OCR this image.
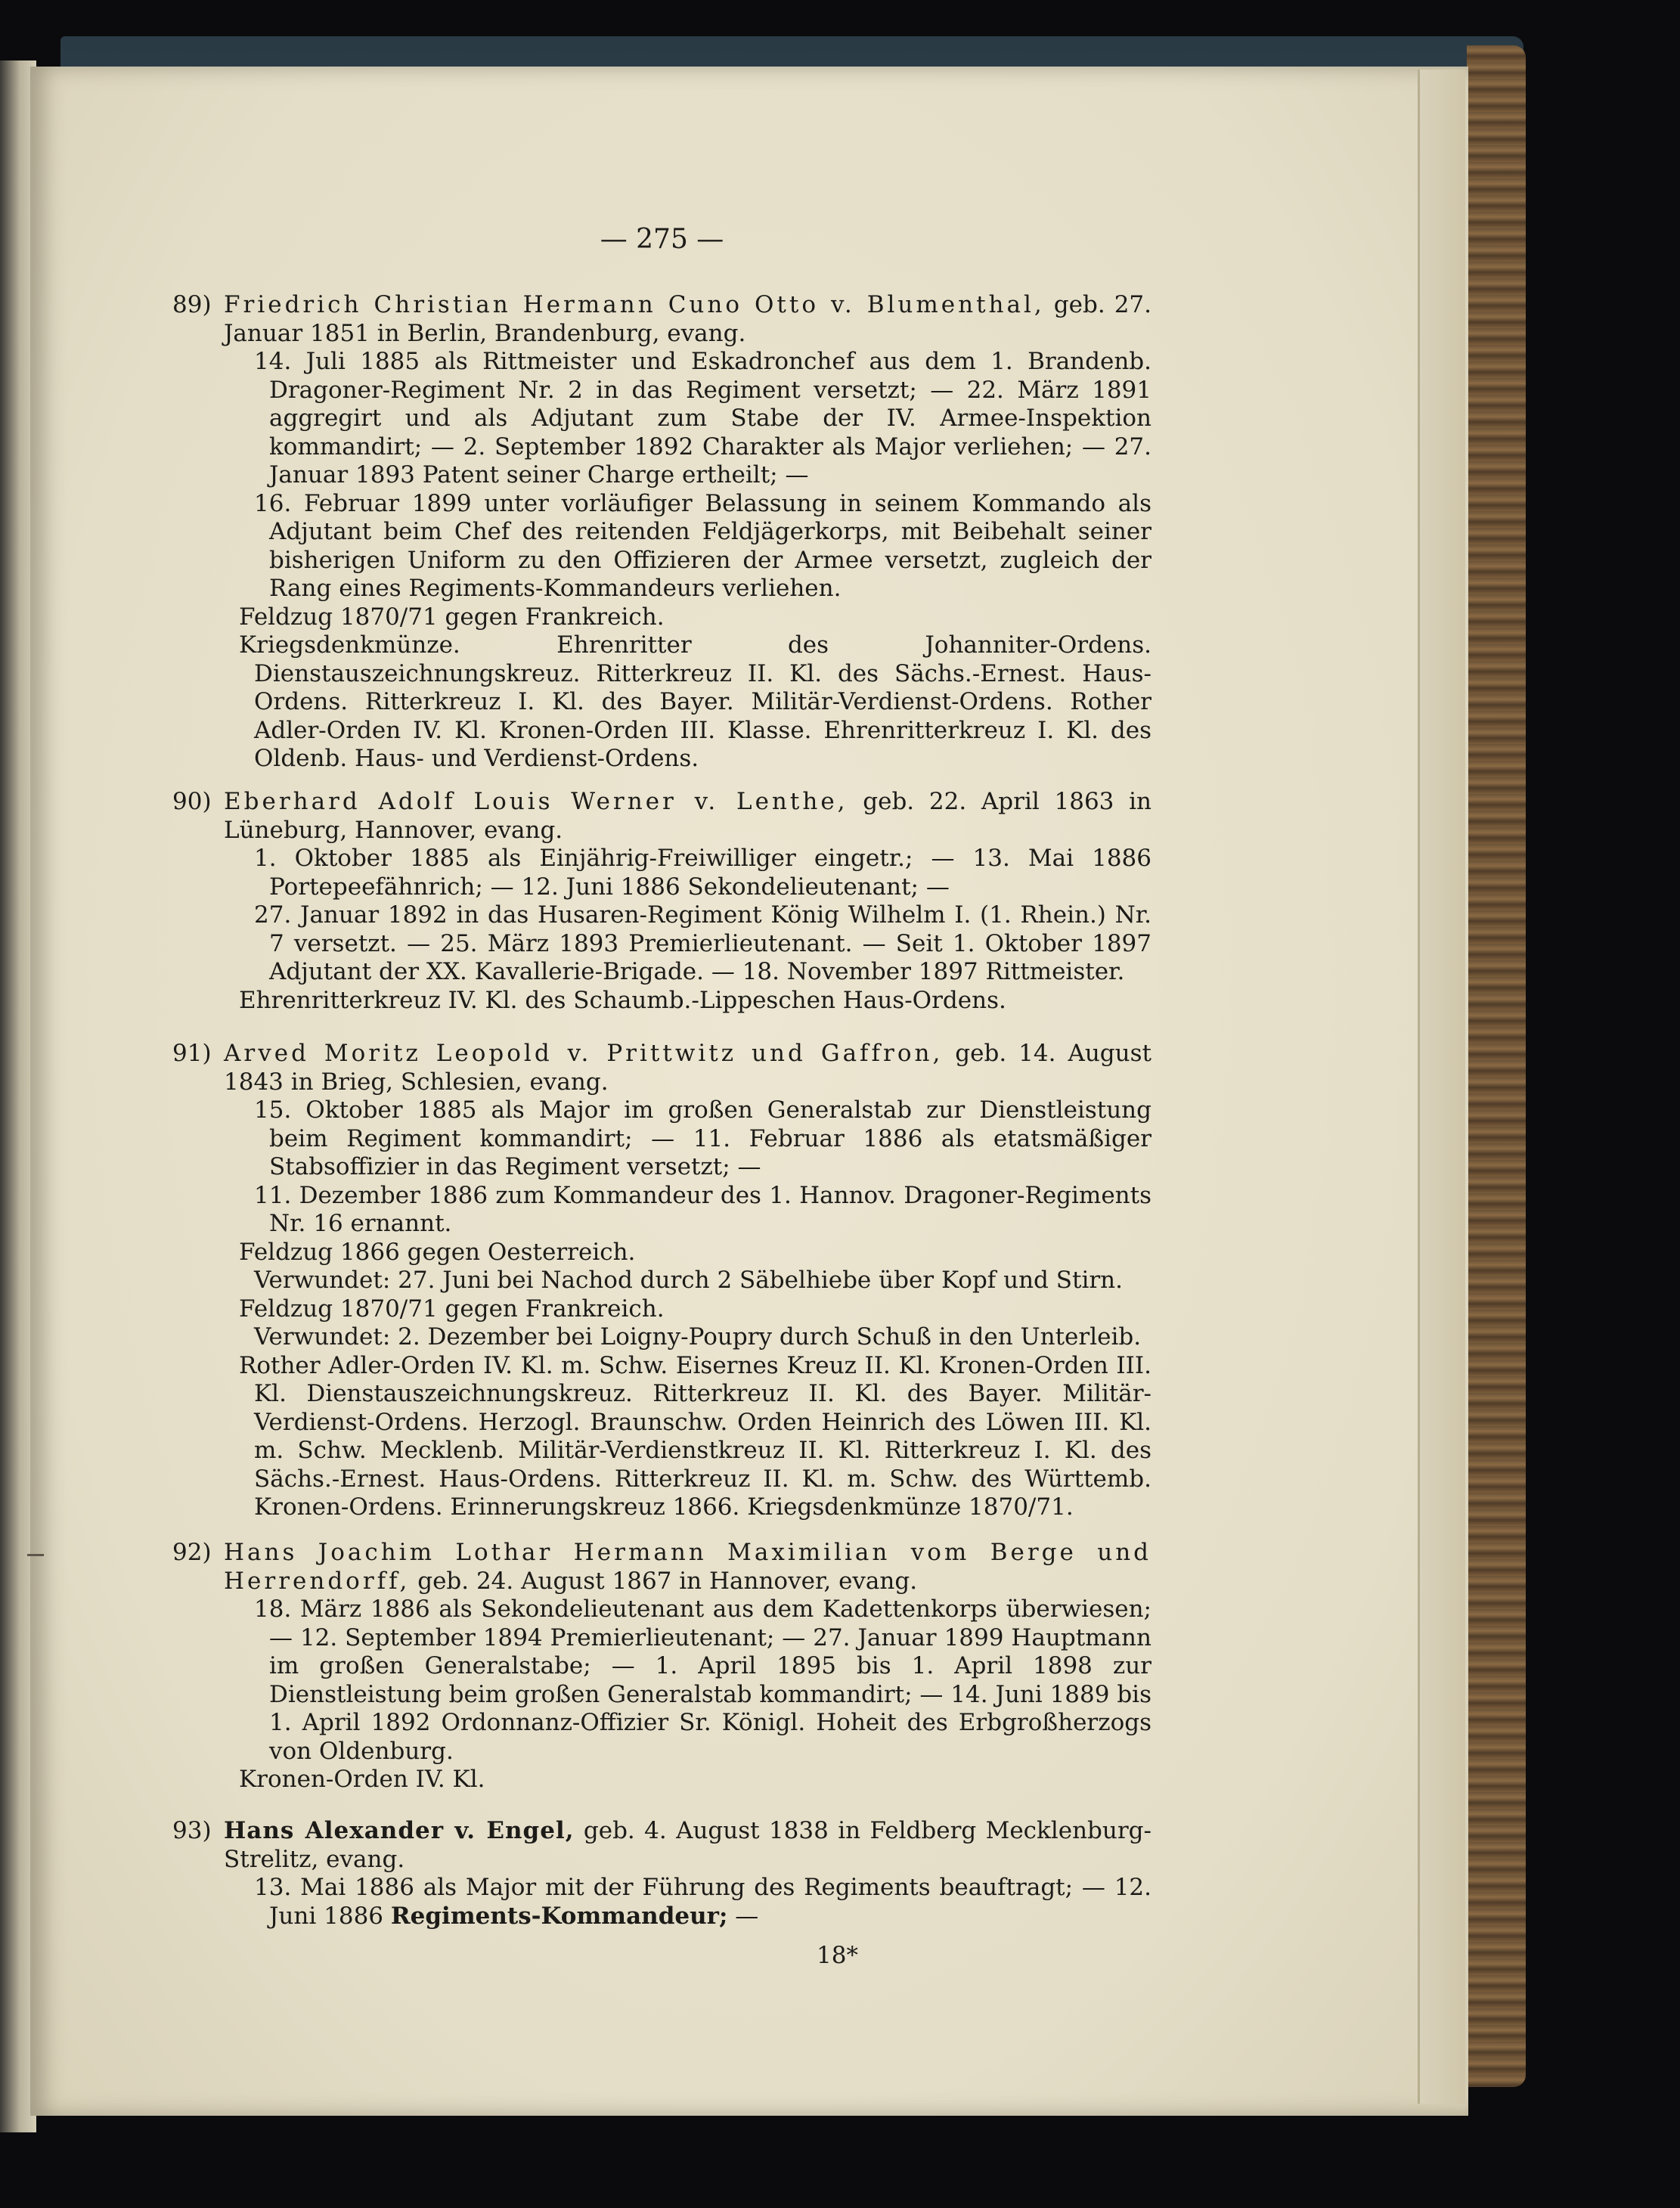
— 275 —
89) Friedrich Christian Hermann Cuno Otto v. Blumenthal, geb. 27. Januar 1851 in Berlin, Brandenburg, evang.
14. Juli 1885 als Rittmeister und Eskadronchef aus dem 1. Brandenb. Dragoner-Regiment Nr. 2 in das Regiment versetzt; — 22. März 1891 aggregirt und als Adjutant zum Stabe der IV. Armee-Inspektion kommandirt; — 2. September 1892 Charakter als Major verliehen; — 27. Januar 1893 Patent seiner Charge ertheilt; —
16. Februar 1899 unter vorläufiger Belassung in seinem Kommando als Adjutant beim Chef des reitenden Feldjägerkorps, mit Beibehalt seiner bisherigen Uniform zu den Offizieren der Armee versetzt, zugleich der Rang eines Regiments-Kommandeurs verliehen.
Feldzug 1870/71 gegen Frankreich.
Kriegsdenkmünze. Ehrenritter des Johanniter-Ordens. Dienstauszeichnungskreuz. Ritterkreuz II. Kl. des Sächs.-Ernest. Haus-Ordens. Ritterkreuz I. Kl. des Bayer. Militär-Verdienst-Ordens. Rother Adler-Orden IV. Kl. Kronen-Orden III. Klasse. Ehrenritterkreuz I. Kl. des Oldenb. Haus- und Verdienst-Ordens.
90) Eberhard Adolf Louis Werner v. Lenthe, geb. 22. April 1863 in Lüneburg, Hannover, evang.
1. Oktober 1885 als Einjährig-Freiwilliger eingetr.; — 13. Mai 1886 Portepeefähnrich; — 12. Juni 1886 Sekondelieutenant; —
27. Januar 1892 in das Husaren-Regiment König Wilhelm I. (1. Rhein.) Nr. 7 versetzt. — 25. März 1893 Premierlieutenant. — Seit 1. Oktober 1897 Adjutant der XX. Kavallerie-Brigade. — 18. November 1897 Rittmeister.
Ehrenritterkreuz IV. Kl. des Schaumb.-Lippeschen Haus-Ordens.
91) Arved Moritz Leopold v. Prittwitz und Gaffron, geb. 14. August 1843 in Brieg, Schlesien, evang.
15. Oktober 1885 als Major im großen Generalstab zur Dienstleistung beim Regiment kommandirt; — 11. Februar 1886 als etatsmäßiger Stabsoffizier in das Regiment versetzt; —
11. Dezember 1886 zum Kommandeur des 1. Hannov. Dragoner-Regiments Nr. 16 ernannt.
Feldzug 1866 gegen Oesterreich.
Verwundet: 27. Juni bei Nachod durch 2 Säbelhiebe über Kopf und Stirn.
Feldzug 1870/71 gegen Frankreich.
Verwundet: 2. Dezember bei Loigny-Poupry durch Schuß in den Unterleib.
Rother Adler-Orden IV. Kl. m. Schw. Eisernes Kreuz II. Kl. Kronen-Orden III. Kl. Dienstauszeichnungskreuz. Ritterkreuz II. Kl. des Bayer. Militär-Verdienst-Ordens. Herzogl. Braunschw. Orden Heinrich des Löwen III. Kl. m. Schw. Mecklenb. Militär-Verdienstkreuz II. Kl. Ritterkreuz I. Kl. des Sächs.-Ernest. Haus-Ordens. Ritterkreuz II. Kl. m. Schw. des Württemb. Kronen-Ordens. Erinnerungskreuz 1866. Kriegsdenkmünze 1870/71.
92) Hans Joachim Lothar Hermann Maximilian vom Berge und Herrendorff, geb. 24. August 1867 in Hannover, evang.
18. März 1886 als Sekondelieutenant aus dem Kadettenkorps überwiesen; — 12. September 1894 Premierlieutenant; — 27. Januar 1899 Hauptmann im großen Generalstabe; — 1. April 1895 bis 1. April 1898 zur Dienstleistung beim großen Generalstab kommandirt; — 14. Juni 1889 bis 1. April 1892 Ordonnanz-Offizier Sr. Königl. Hoheit des Erbgroßherzogs von Oldenburg.
Kronen-Orden IV. Kl.
93) Hans Alexander v. Engel, geb. 4. August 1838 in Feldberg Mecklenburg-Strelitz, evang.
13. Mai 1886 als Major mit der Führung des Regiments beauftragt; — 12. Juni 1886 Regiments-Kommandeur; —
18*
